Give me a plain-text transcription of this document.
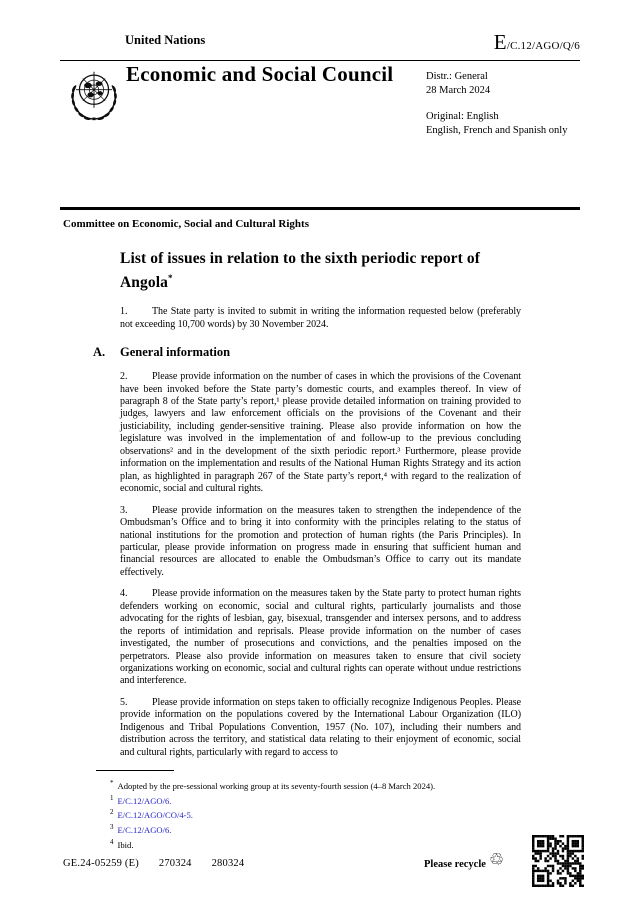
United Nations	E/C.12/AGO/Q/6
Economic and Social Council	Distr.: General
28 March 2024
Original: English
English, French and Spanish only
Committee on Economic, Social and Cultural Rights
List of issues in relation to the sixth periodic report of
Angola*

1. The State party is invited to submit in writing the information requested below (preferably not exceeding 10,700 words) by 30 November 2024.

A. General information

2. Please provide information on the number of cases in which the provisions of the Covenant have been invoked before the State party’s domestic courts, and examples thereof. In view of paragraph 8 of the State party’s report,¹ please provide detailed information on training provided to judges, lawyers and law enforcement officials on the provisions of the Covenant and their justiciability, including gender-sensitive training. Please also provide information on how the legislature was involved in the implementation of and follow-up to the previous concluding observations² and in the development of the sixth periodic report.³ Furthermore, please provide information on the implementation and results of the National Human Rights Strategy and its action plan, as highlighted in paragraph 267 of the State party’s report,⁴ with regard to the realization of economic, social and cultural rights.

3. Please provide information on the measures taken to strengthen the independence of the Ombudsman’s Office and to bring it into conformity with the principles relating to the status of national institutions for the promotion and protection of human rights (the Paris Principles). In particular, please provide information on progress made in ensuring that sufficient human and financial resources are allocated to enable the Ombudsman’s Office to carry out its mandate effectively.

4. Please provide information on the measures taken by the State party to protect human rights defenders working on economic, social and cultural rights, particularly journalists and those advocating for the rights of lesbian, gay, bisexual, transgender and intersex persons, and to address the reports of intimidation and reprisals. Please provide information on the number of cases investigated, the number of prosecutions and convictions, and the penalties imposed on the perpetrators. Please also provide information on measures taken to ensure that civil society organizations working on economic, social and cultural rights can operate without undue restrictions and interference.

5. Please provide information on steps taken to officially recognize Indigenous Peoples. Please provide information on the populations covered by the International Labour Organization (ILO) Indigenous and Tribal Populations Convention, 1957 (No. 107), including their numbers and distribution across the territory, and statistical data relating to their enjoyment of economic, social and cultural rights, particularly with regard to access to

* Adopted by the pre-sessional working group at its seventy-fourth session (4–8 March 2024).
$^1$ E/C.12/AGO/6.
$^2$ E/C.12/AGO/CO/4-5.
$^3$ E/C.12/AGO/6.
$^4$ Ibid.
GE.24-05259 (E) 270324 280324	Please recycle ♲
